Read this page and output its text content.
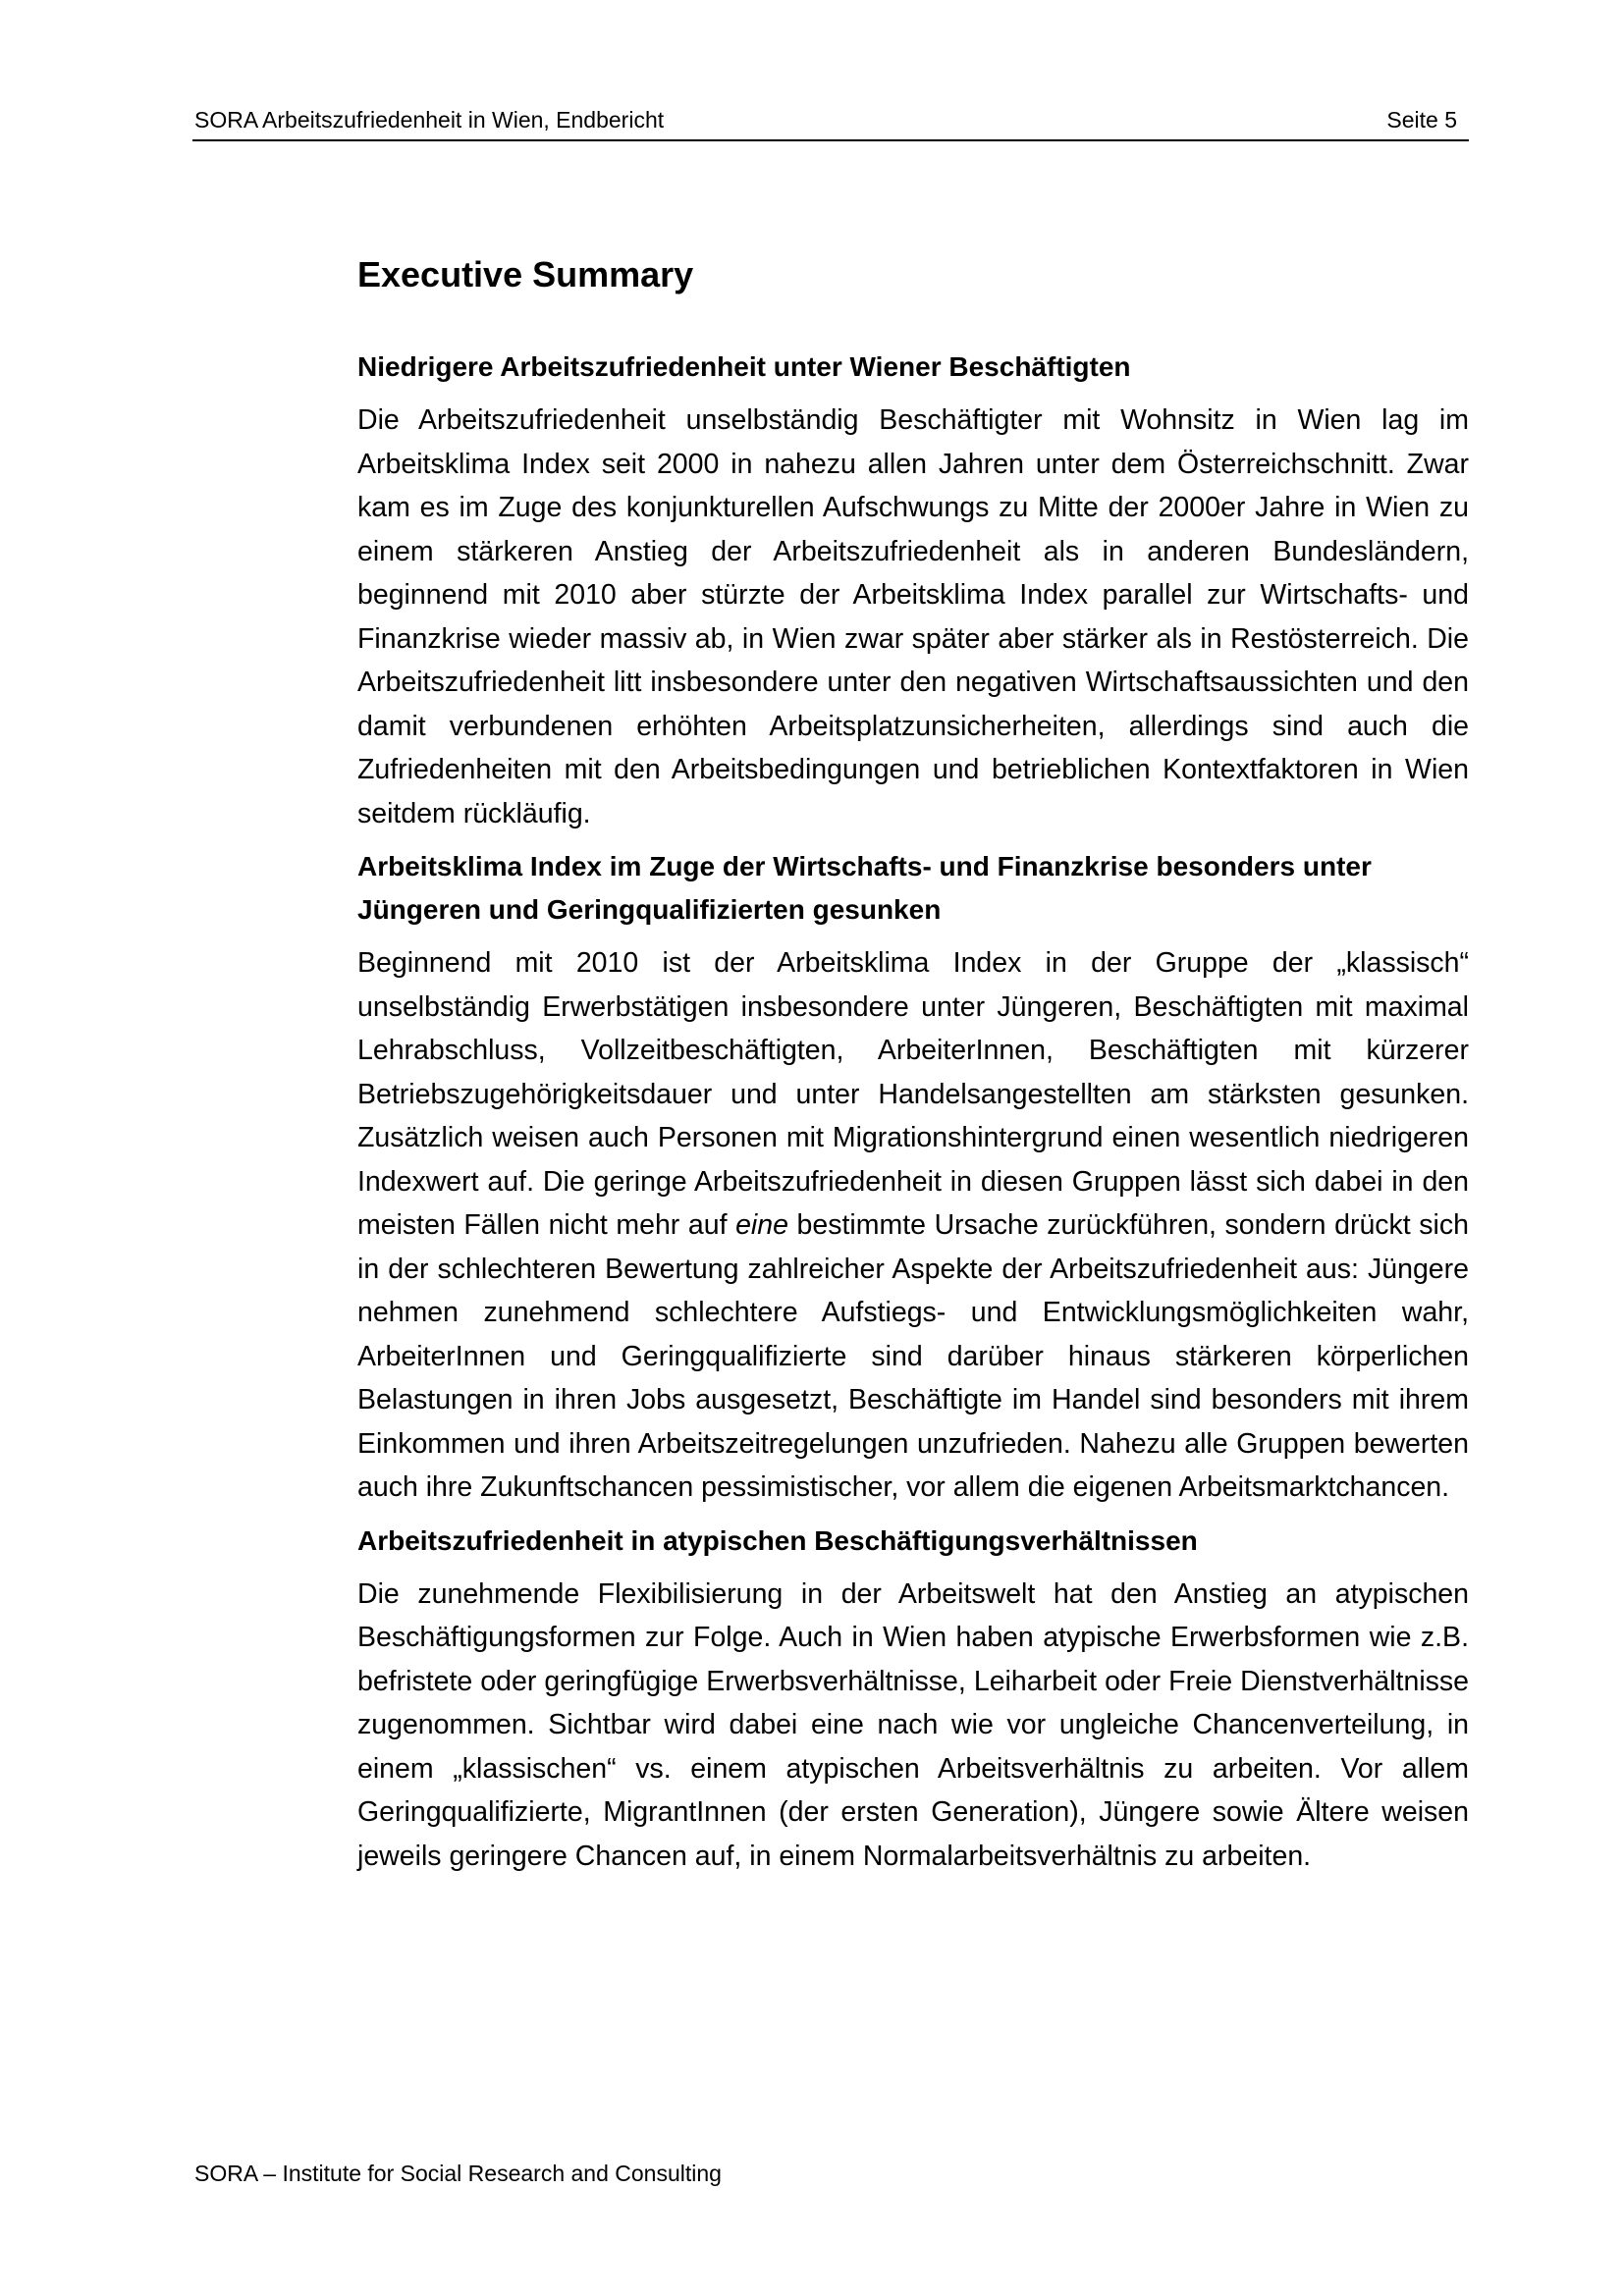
SORA Arbeitszufriedenheit in Wien, Endbericht	Seite 5
Executive Summary
Niedrigere Arbeitszufriedenheit unter Wiener Beschäftigten

Die Arbeitszufriedenheit unselbständig Beschäftigter mit Wohnsitz in Wien lag im Arbeitsklima Index seit 2000 in nahezu allen Jahren unter dem Österreichschnitt. Zwar kam es im Zuge des konjunkturellen Aufschwungs zu Mitte der 2000er Jahre in Wien zu einem stärkeren Anstieg der Arbeitszufriedenheit als in anderen Bundesländern, beginnend mit 2010 aber stürzte der Arbeitsklima Index parallel zur Wirtschafts- und Finanzkrise wieder massiv ab, in Wien zwar später aber stärker als in Restösterreich. Die Arbeitszufriedenheit litt insbesondere unter den negativen Wirtschaftsaussichten und den damit verbundenen erhöhten Arbeitsplatzunsicherheiten, allerdings sind auch die Zufriedenheiten mit den Arbeitsbedingungen und betrieblichen Kontextfaktoren in Wien seitdem rückläufig.

Arbeitsklima Index im Zuge der Wirtschafts- und Finanzkrise besonders unter Jüngeren und Geringqualifizierten gesunken

Beginnend mit 2010 ist der Arbeitsklima Index in der Gruppe der „klassisch“ unselbständig Erwerbstätigen insbesondere unter Jüngeren, Beschäftigten mit maximal Lehrabschluss, Vollzeitbeschäftigten, ArbeiterInnen, Beschäftigten mit kürzerer Betriebszugehörigkeitsdauer und unter Handelsangestellten am stärksten gesunken. Zusätzlich weisen auch Personen mit Migrationshintergrund einen wesentlich niedrigeren Indexwert auf. Die geringe Arbeitszufriedenheit in diesen Gruppen lässt sich dabei in den meisten Fällen nicht mehr auf eine bestimmte Ursache zurückführen, sondern drückt sich in der schlechteren Bewertung zahlreicher Aspekte der Arbeitszufriedenheit aus: Jüngere nehmen zunehmend schlechtere Aufstiegs- und Entwicklungsmöglichkeiten wahr, ArbeiterInnen und Geringqualifizierte sind darüber hinaus stärkeren körperlichen Belastungen in ihren Jobs ausgesetzt, Beschäftigte im Handel sind besonders mit ihrem Einkommen und ihren Arbeitszeitregelungen unzufrieden. Nahezu alle Gruppen bewerten auch ihre Zukunftschancen pessimistischer, vor allem die eigenen Arbeitsmarktchancen.

Arbeitszufriedenheit in atypischen Beschäftigungsverhältnissen

Die zunehmende Flexibilisierung in der Arbeitswelt hat den Anstieg an atypischen Beschäftigungsformen zur Folge. Auch in Wien haben atypische Erwerbsformen wie z.B. befristete oder geringfügige Erwerbsverhältnisse, Leiharbeit oder Freie Dienstverhältnisse zugenommen. Sichtbar wird dabei eine nach wie vor ungleiche Chancenverteilung, in einem „klassischen“ vs. einem atypischen Arbeitsverhältnis zu arbeiten. Vor allem Geringqualifizierte, MigrantInnen (der ersten Generation), Jüngere sowie Ältere weisen jeweils geringere Chancen auf, in einem Normalarbeitsverhältnis zu arbeiten.

SORA – Institute for Social Research and Consulting
